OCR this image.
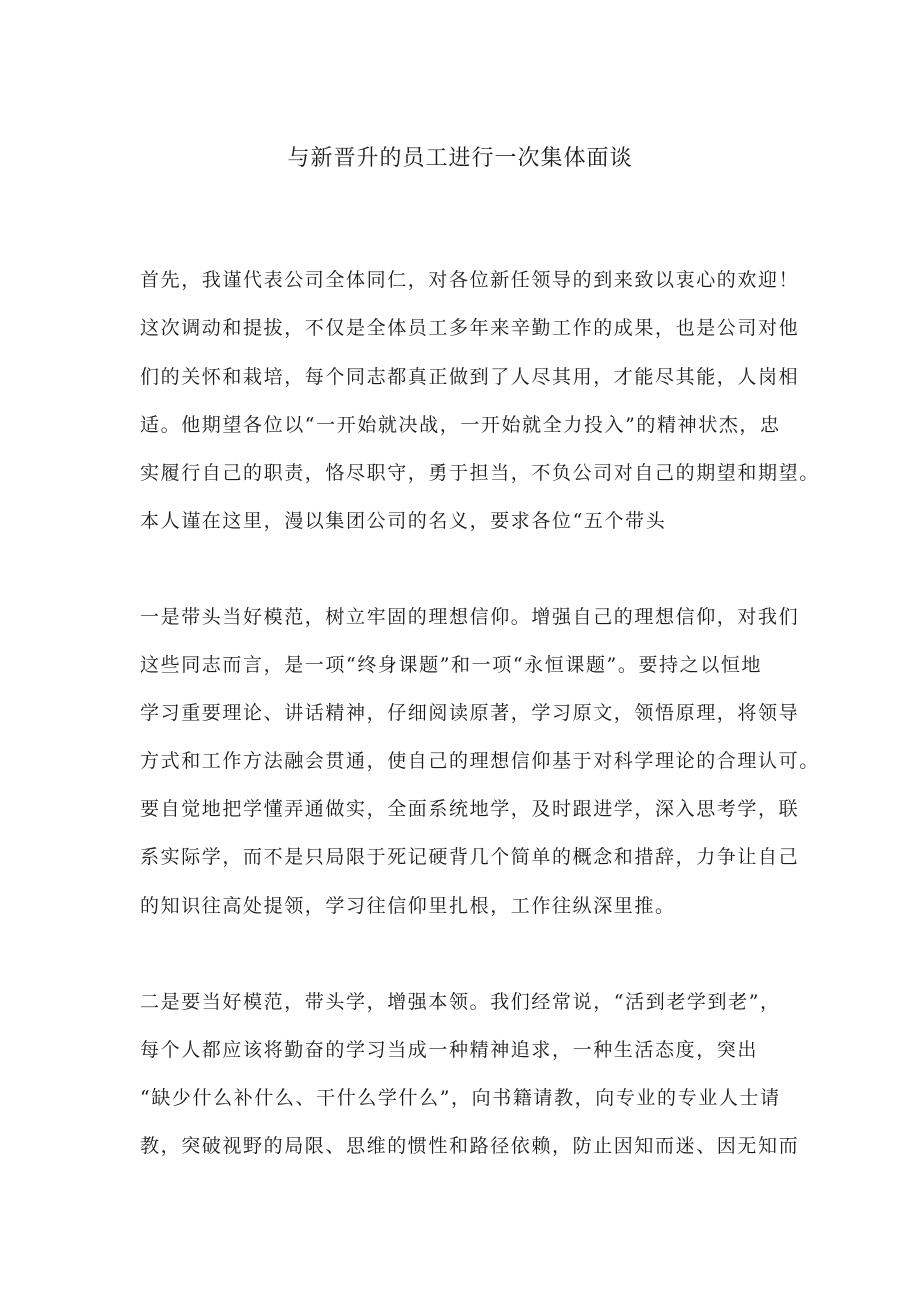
与新晋升的员工进行一次集体面谈

首先，我谨代表公司全体同仁，对各位新任领导的到来致以衷心的欢迎！

这次调动和提拔，不仅是全体员工多年来辛勤工作的成果，也是公司对他

们的关怀和栽培，每个同志都真正做到了人尽其用，才能尽其能，人岗相

适。他期望各位以“一开始就决战，一开始就全力投入”的精神状杰，忠

实履行自己的职责，恪尽职守，勇于担当，不负公司对自己的期望和期望。

本人谨在这里，漫以集团公司的名义，要求各位“五个带头

一是带头当好模范，树立牢固的理想信仰。增强自己的理想信仰，对我们

这些同志而言，是一项“终身课题”和一项“永恒课题”。要持之以恒地

学习重要理论、讲话精神，仔细阅读原著，学习原文，领悟原理，将领导

方式和工作方法融会贯通，使自己的理想信仰基于对科学理论的合理认可。

要自觉地把学懂弄通做实，全面系统地学，及时跟进学，深入思考学，联

系实际学，而不是只局限于死记硬背几个简单的概念和措辞，力争让自己

的知识往高处提领，学习往信仰里扎根，工作往纵深里推。

二是要当好模范，带头学，增强本领。我们经常说，“活到老学到老”，

每个人都应该将勤奋的学习当成一种精神追求，一种生活态度，突出

“缺少什么补什么、干什么学什么”，向书籍请教，向专业的专业人士请

教，突破视野的局限、思维的惯性和路径依赖，防止因知而迷、因无知而
